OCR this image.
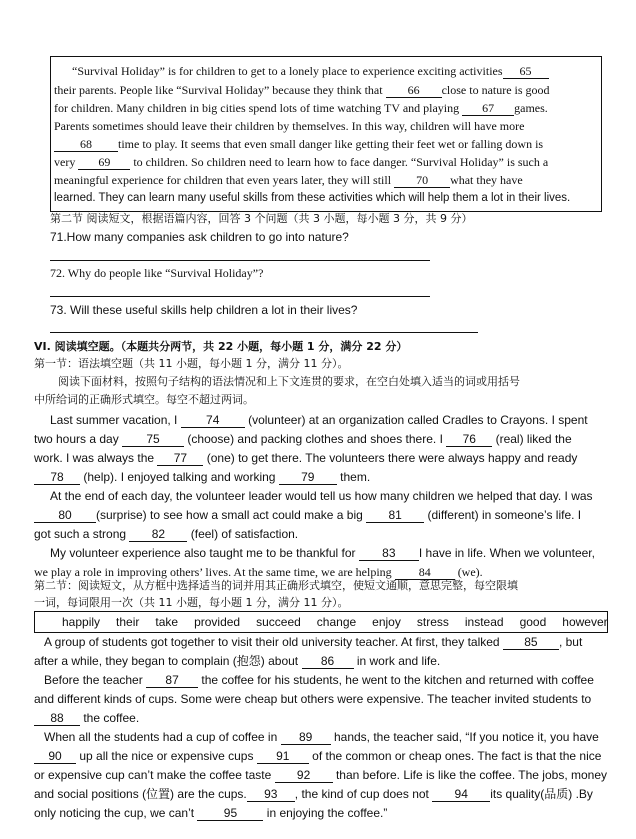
“Survival Holiday” is for children to get to a lonely place to experience exciting activities 65
their parents. People like “Survival Holiday” because they think that 66 close to nature is good
for children. Many children in big cities spend lots of time watching TV and playing 67 games.
Parents sometimes should leave their children by themselves. In this way, children will have more
68 time to play. It seems that even small danger like getting their feet wet or falling down is
very 69 to children. So children need to learn how to face danger. “Survival Holiday” is such a
meaningful experience for children that even years later, they will still 70 what they have
learned. They can learn many useful skills from these activities which will help them a lot in their lives.
第二节 阅读短文，根据语篇内容，回答 3 个问题（共 3 小题，每小题 3 分，共 9 分）
71.How many companies ask children to go into nature?
72. Why do people like “Survival Holiday”?
73. Will these useful skills help children a lot in their lives?
VI. 阅读填空题。（本题共分两节，共 22 小题，每小题 1 分，满分 22 分）
第一节：语法填空题（共 11 小题，每小题 1 分，满分 11 分）。
阅读下面材料，按照句子结构的语法情况和上下文连贯的要求，在空白处填入适当的词或用括号
中所给词的正确形式填空。每空不超过两词。
Last summer vacation, I 74 (volunteer) at an organization called Cradles to Crayons. I spent
two hours a day 75 (choose) and packing clothes and shoes there. I 76 (real) liked the
work. I was always the 77 (one) to get there. The volunteers there were always happy and ready
78 (help). I enjoyed talking and working 79 them.
At the end of each day, the volunteer leader would tell us how many children we helped that day. I was
80 (surprise) to see how a small act could make a big 81 (different) in someone’s life. I
got such a strong 82 (feel) of satisfaction.
My volunteer experience also taught me to be thankful for 83 I have in life. When we volunteer,
we play a role in improving others’ lives. At the same time, we are helping 84 (we).
第二节：阅读短文，从方框中选择适当的词并用其正确形式填空，使短文通顺，意思完整，每空限填
一词，每词限用一次（共 11 小题，每小题 1 分，满分 11 分）。
happily their take provided succeed change enjoy stress instead good however
A group of students got together to visit their old university teacher. At first, they talked 85 , but
after a while, they began to complain (抱怨) about 86 in work and life.
Before the teacher 87 the coffee for his students, he went to the kitchen and returned with coffee
and different kinds of cups. Some were cheap but others were expensive. The teacher invited students to
88 the coffee.
When all the students had a cup of coffee in 89 hands, the teacher said, “If you notice it, you have
90 up all the nice or expensive cups 91 of the common or cheap ones. The fact is that the nice
or expensive cup can’t make the coffee taste 92 than before. Life is like the coffee. The jobs, money
and social positions (位置) are the cups. 93 , the kind of cup does not 94 its quality(品质) .By
only noticing the cup, we can’t 95 in enjoying the coffee.”
